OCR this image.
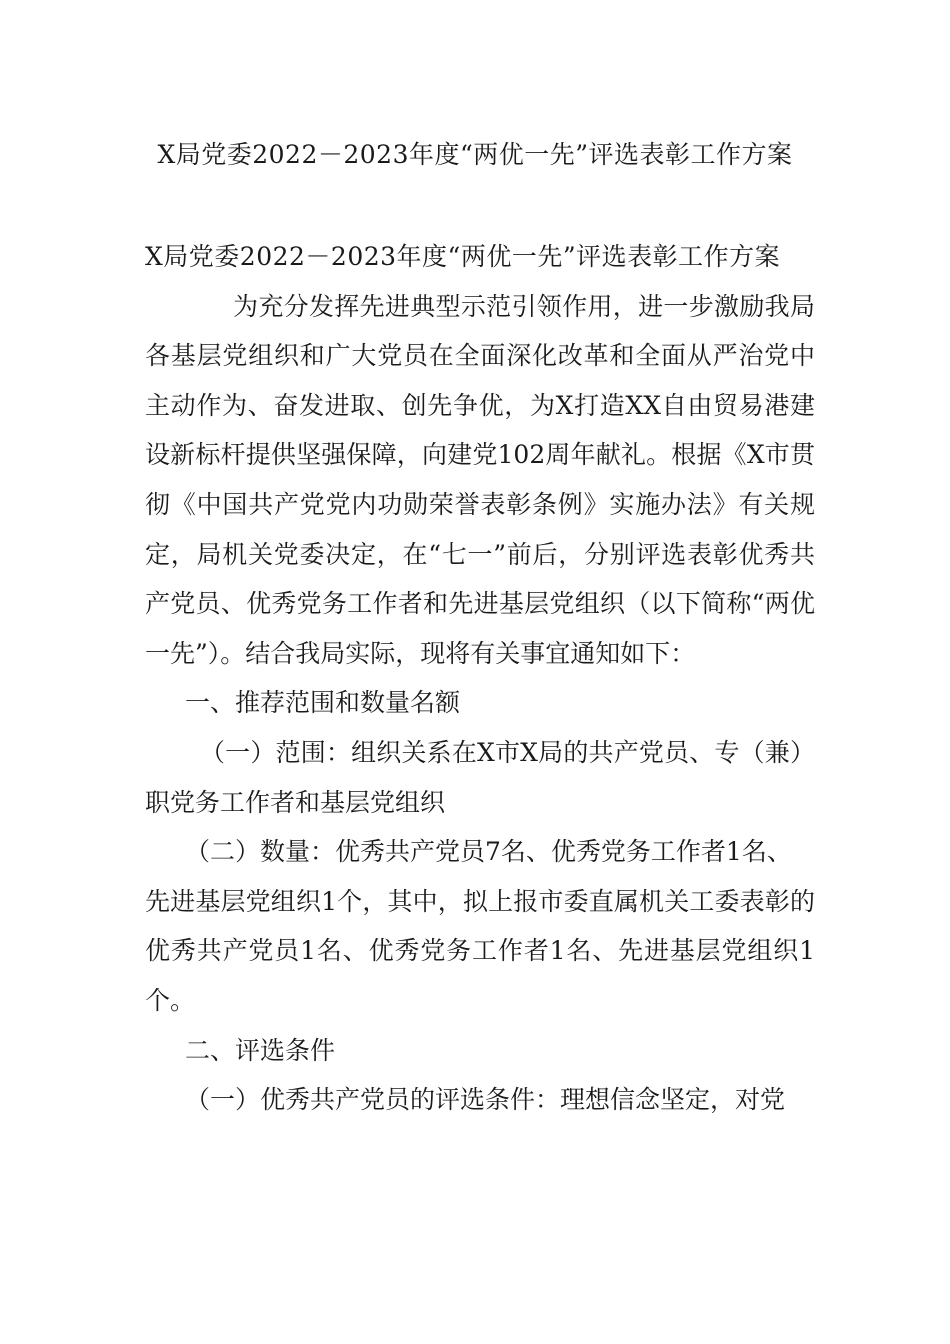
X局党委2022－2023年度“两优一先”评选表彰工作方案

X局党委2022－2023年度“两优一先”评选表彰工作方案

为充分发挥先进典型示范引领作用，进一步激励我局各基层党组织和广大党员在全面深化改革和全面从严治党中主动作为、奋发进取、创先争优，为X打造XX自由贸易港建设新标杆提供坚强保障，向建党102周年献礼。根据《X市贯彻《中国共产党党内功勋荣誉表彰条例》实施办法》有关规定，局机关党委决定，在“七一”前后，分别评选表彰优秀共产党员、优秀党务工作者和先进基层党组织（以下简称“两优一先”）。结合我局实际，现将有关事宜通知如下：

一、推荐范围和数量名额

（一）范围：组织关系在X市X局的共产党员、专（兼）职党务工作者和基层党组织

（二）数量：优秀共产党员7名、优秀党务工作者1名、

先进基层党组织1个，其中，拟上报市委直属机关工委表彰的优秀共产党员1名、优秀党务工作者1名、先进基层党组织1个。

二、评选条件

（一）优秀共产党员的评选条件：理想信念坚定，对党
